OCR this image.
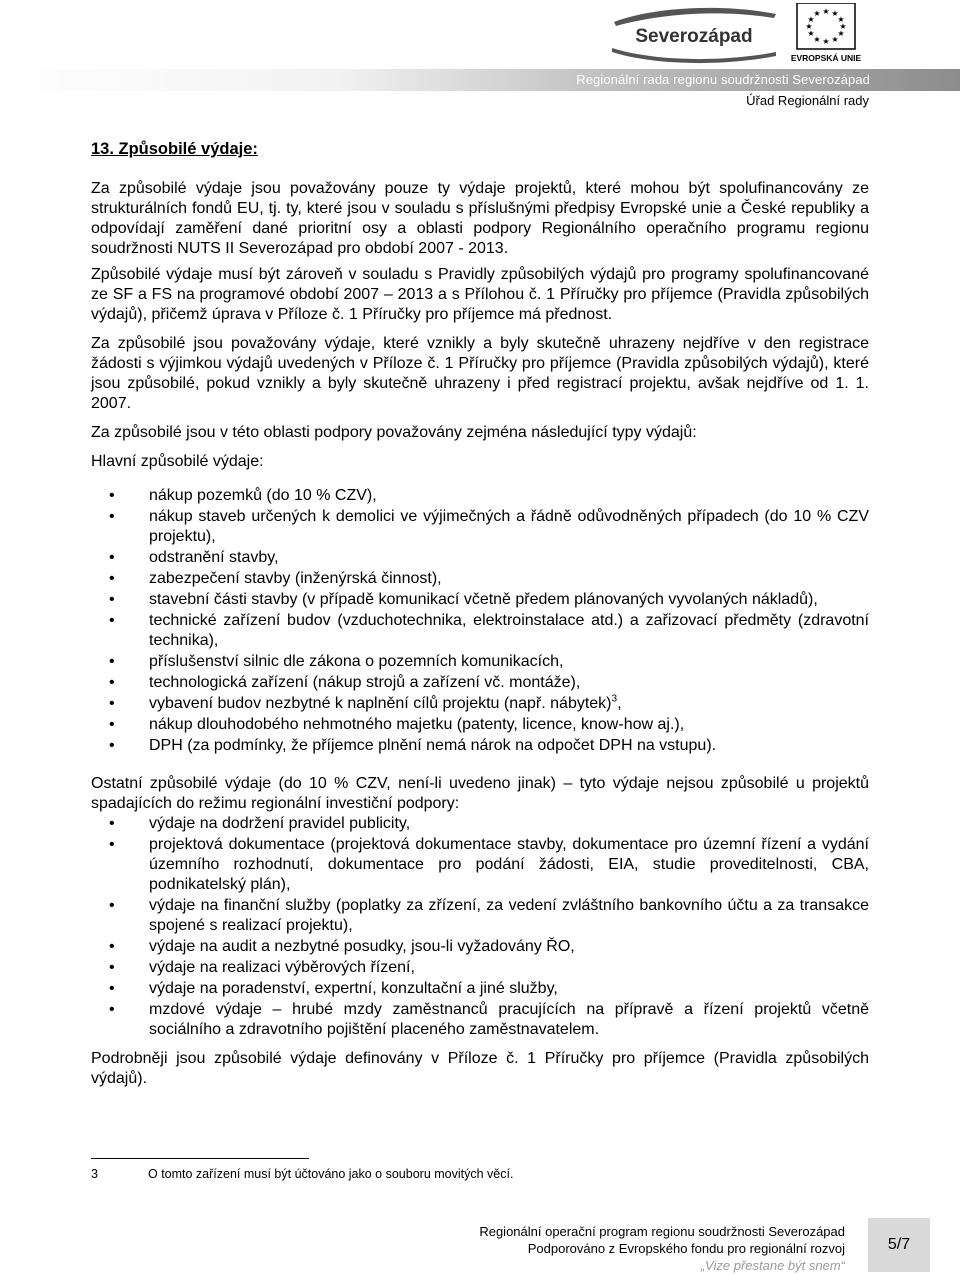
Severozápad
★ ★
★
★
★
★
★
★
★
★
★
★
EVROPSKÁ UNIE
Regionální rada regionu soudržnosti Severozápad
Úřad Regionální rady
13. Způsobilé výdaje:

Za způsobilé výdaje jsou považovány pouze ty výdaje projektů, které mohou být spolufinancovány ze strukturálních fondů EU, tj. ty, které jsou v souladu s příslušnými předpisy Evropské unie a České republiky a odpovídají zaměření dané prioritní osy a oblasti podpory Regionálního operačního programu regionu soudržnosti NUTS II Severozápad pro období 2007 - 2013.

Způsobilé výdaje musí být zároveň v souladu s Pravidly způsobilých výdajů pro programy spolufinancované ze SF a FS na programové období 2007 – 2013 a s Přílohou č. 1 Příručky pro příjemce (Pravidla způsobilých výdajů), přičemž úprava v Příloze č. 1 Příručky pro příjemce má přednost.

Za způsobilé jsou považovány výdaje, které vznikly a byly skutečně uhrazeny nejdříve v den registrace žádosti s výjimkou výdajů uvedených v Příloze č. 1 Příručky pro příjemce (Pravidla způsobilých výdajů), které jsou způsobilé, pokud vznikly a byly skutečně uhrazeny i před registrací projektu, avšak nejdříve od 1. 1. 2007.

Za způsobilé jsou v této oblasti podpory považovány zejména následující typy výdajů:

Hlavní způsobilé výdaje:

• nákup pozemků (do 10 % CZV),
• nákup staveb určených k demolici ve výjimečných a řádně odůvodněných případech (do 10 % CZV projektu),
• odstranění stavby,
• zabezpečení stavby (inženýrská činnost),
• stavební části stavby (v případě komunikací včetně předem plánovaných vyvolaných nákladů),
• technické zařízení budov (vzduchotechnika, elektroinstalace atd.) a zařizovací předměty (zdravotní technika),
• příslušenství silnic dle zákona o pozemních komunikacích,
• technologická zařízení (nákup strojů a zařízení vč. montáže),
• vybavení budov nezbytné k naplnění cílů projektu (např. nábytek)$^3$,
• nákup dlouhodobého nehmotného majetku (patenty, licence, know-how aj.),
• DPH (za podmínky, že příjemce plnění nemá nárok na odpočet DPH na vstupu).

Ostatní způsobilé výdaje (do 10 % CZV, není-li uvedeno jinak) – tyto výdaje nejsou způsobilé u projektů spadajících do režimu regionální investiční podpory:

• výdaje na dodržení pravidel publicity,
• projektová dokumentace (projektová dokumentace stavby, dokumentace pro územní řízení a vydání územního rozhodnutí, dokumentace pro podání žádosti, EIA, studie proveditelnosti, CBA, podnikatelský plán),
• výdaje na finanční služby (poplatky za zřízení, za vedení zvláštního bankovního účtu a za transakce spojené s realizací projektu),
• výdaje na audit a nezbytné posudky, jsou-li vyžadovány ŘO,
• výdaje na realizaci výběrových řízení,
• výdaje na poradenství, expertní, konzultační a jiné služby,
• mzdové výdaje – hrubé mzdy zaměstnanců pracujících na přípravě a řízení projektů včetně sociálního a zdravotního pojištění placeného zaměstnavatelem.

Podrobněji jsou způsobilé výdaje definovány v Příloze č. 1 Příručky pro příjemce (Pravidla způsobilých výdajů).

3	O tomto zařízení musí být účtováno jako o souboru movitých věcí.
Regionální operační program regionu soudržnosti Severozápad
Podporováno z Evropského fondu pro regionální rozvoj
„Vize přestane být snem“
5/7
